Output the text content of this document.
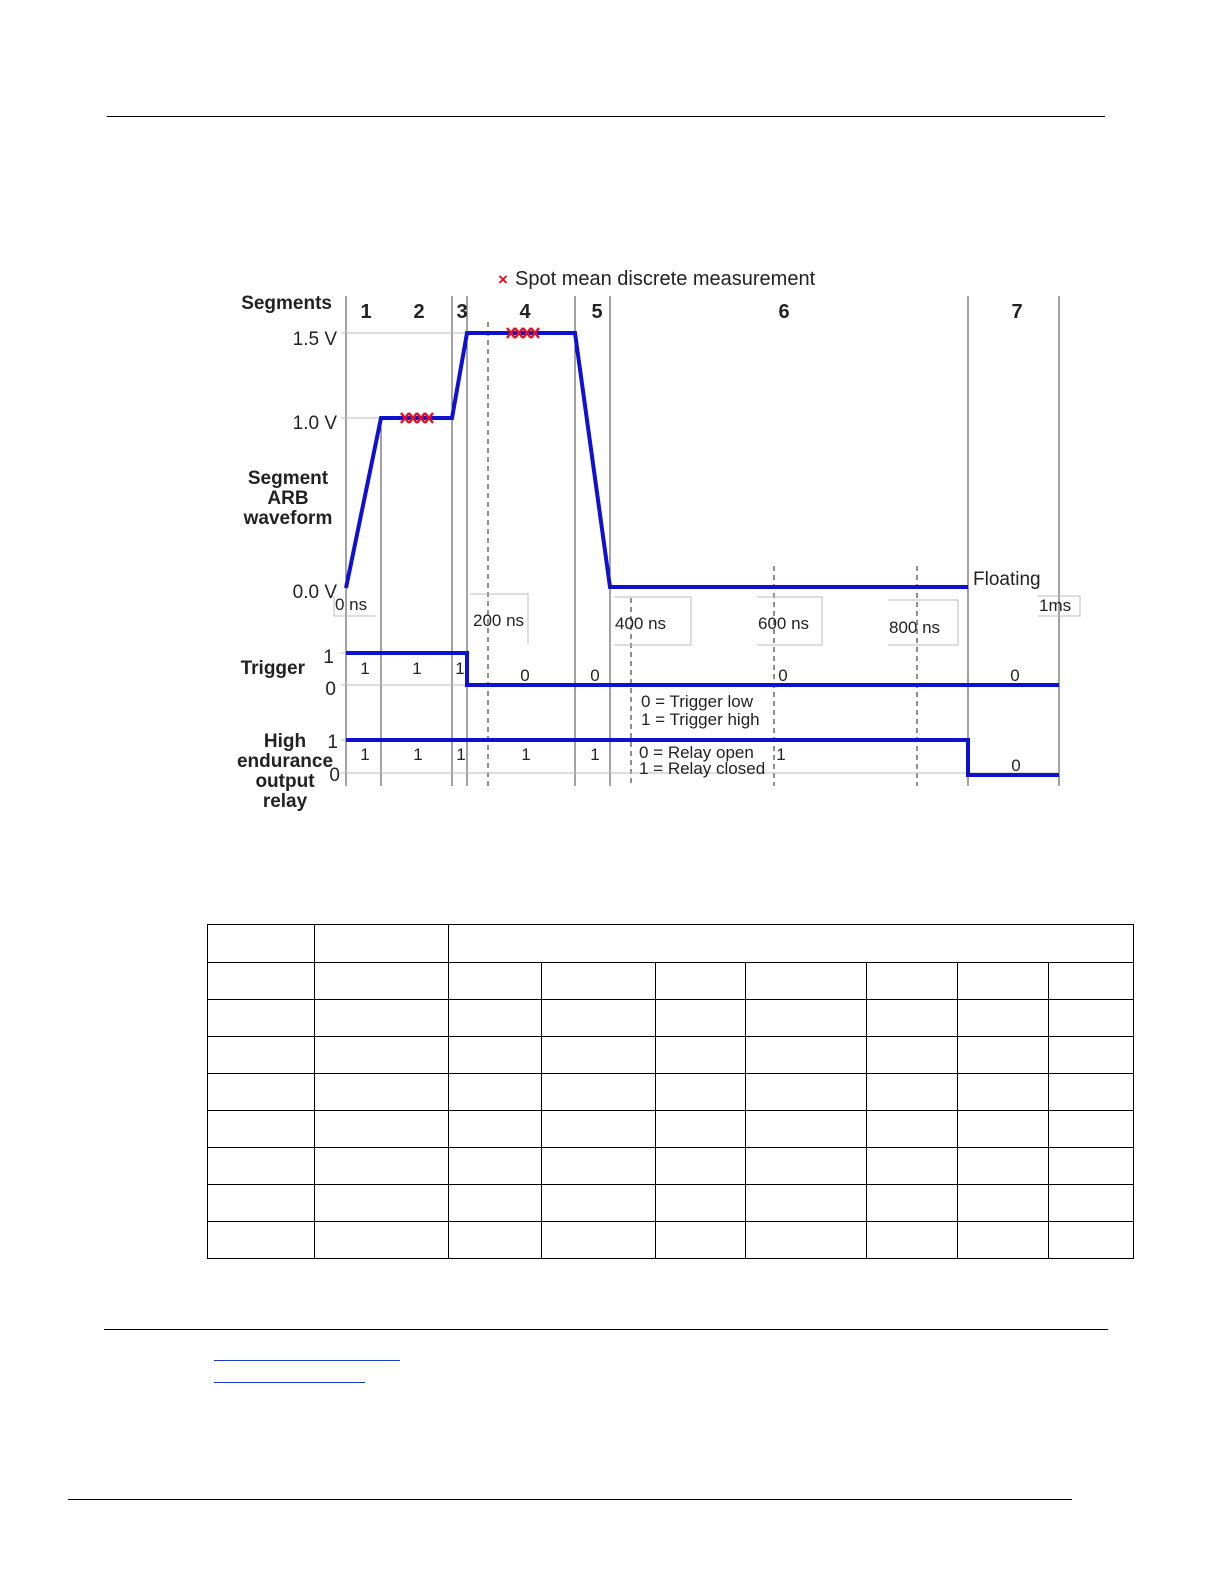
× Spot mean discrete measurement
Segments
Segment
ARB
waveform
Trigger
High
endurance
output
relay
1 2 3	4	5	6	7
1.5 V
1.0 V
0.0 V
0 ns
200 ns	400 ns	600 ns	800 ns
1ms
Floating
1
0
1	1 1	0	0	0	0
0 = Trigger low
1 = Trigger high
1
0
1	1 1	1	1	1
0
0 = Relay open
1 = Relay closed
